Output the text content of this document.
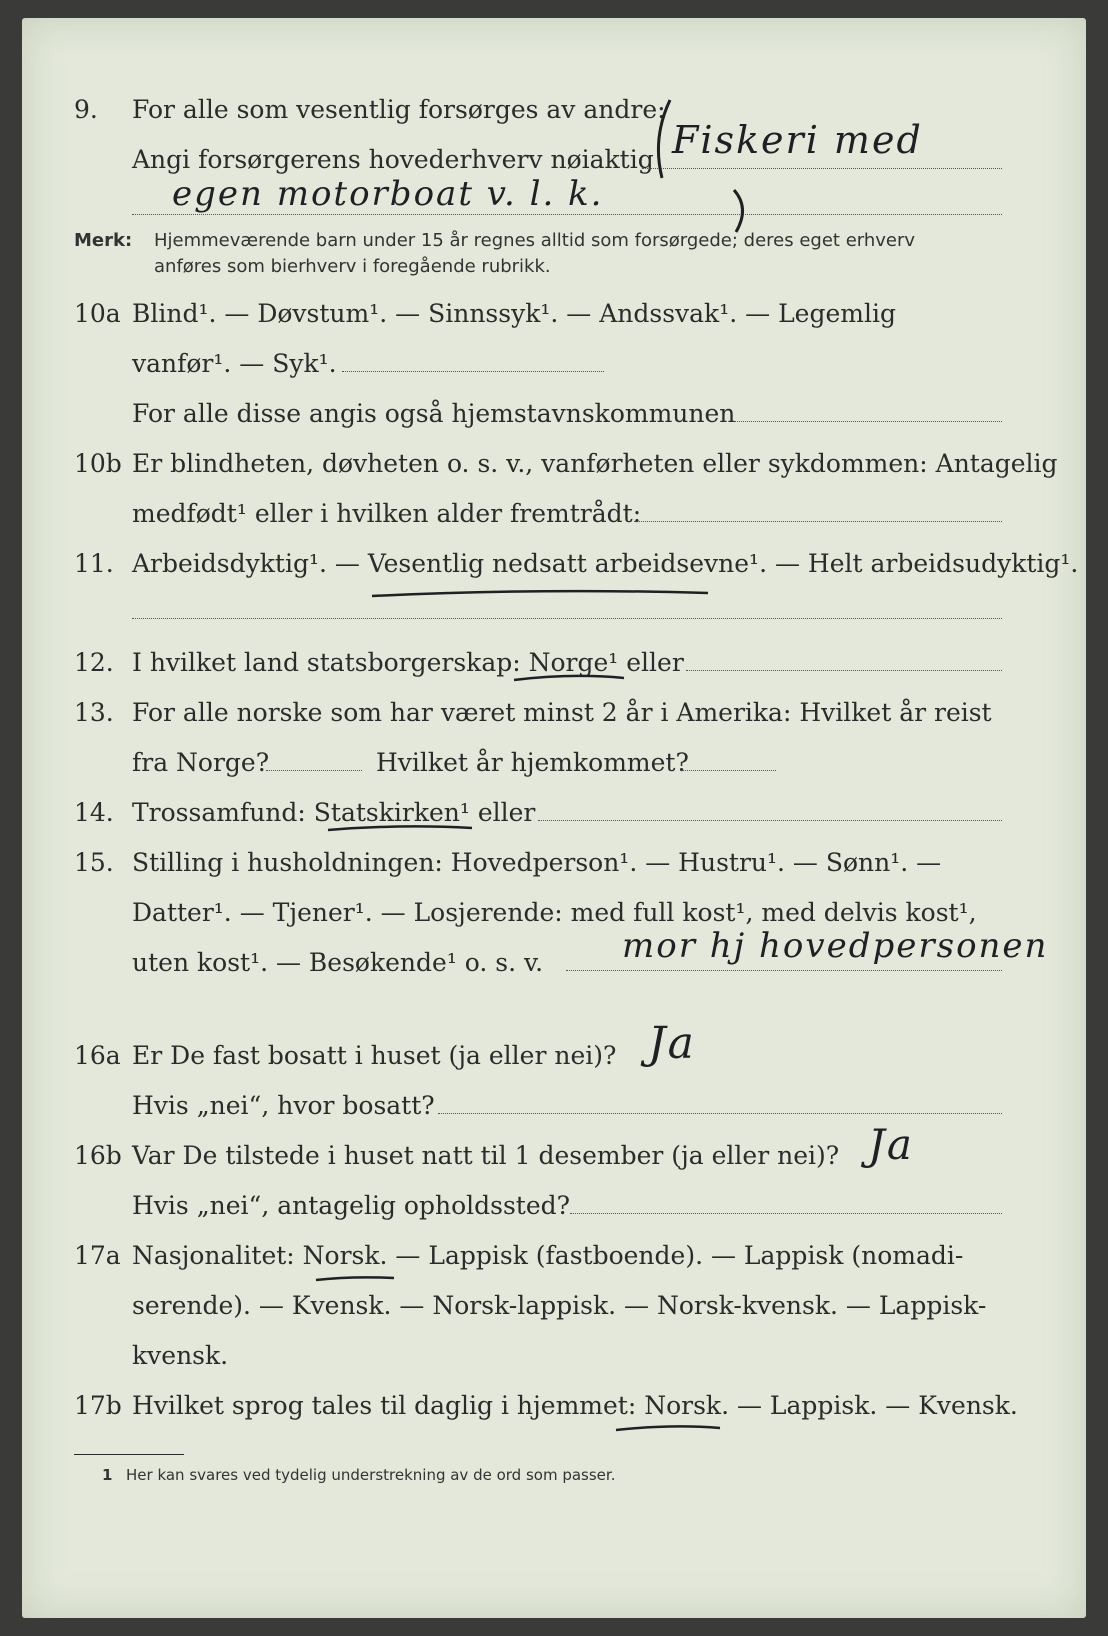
9. For alle som vesentlig forsørges av andre:
Angi forsørgerens hovederhverv nøiaktig Fiskeri med
egen motorboat v. l. k.
Merk: Hjemmeværende barn under 15 år regnes alltid som forsørgede; deres eget erhverv
anføres som bierhverv i foregående rubrikk.
10a Blind¹. — Døvstum¹. — Sinnssyk¹. — Andssvak¹. — Legemlig
vanfør¹. — Syk¹.
For alle disse angis også hjemstavnskommunen
10b Er blindheten, døvheten o. s. v., vanførheten eller sykdommen: Antagelig
medfødt¹ eller i hvilken alder fremtrådt:
11. Arbeidsdyktig¹. — Vesentlig nedsatt arbeidsevne¹. — Helt arbeidsudyktig¹.
12. I hvilket land statsborgerskap: Norge¹ eller
13. For alle norske som har været minst 2 år i Amerika: Hvilket år reist
fra Norge?	Hvilket år hjemkommet?
14. Trossamfund: Statskirken¹ eller
15. Stilling i husholdningen: Hovedperson¹. — Hustru¹. — Sønn¹. —
Datter¹. — Tjener¹. — Losjerende: med full kost¹, med delvis kost¹,
uten kost¹. — Besøkende¹ o. s. v. mor hj hovedpersonen
16a Er De fast bosatt i huset (ja eller nei)? Ja
Hvis „nei“, hvor bosatt?
16b Var De tilstede i huset natt til 1 desember (ja eller nei)? Ja
Hvis „nei“, antagelig opholdssted?
17a Nasjonalitet: Norsk. — Lappisk (fastboende). — Lappisk (nomadi-
serende). — Kvensk. — Norsk-lappisk. — Norsk-kvensk. — Lappisk-
kvensk.
17b Hvilket sprog tales til daglig i hjemmet: Norsk. — Lappisk. — Kvensk.
1 Her kan svares ved tydelig understrekning av de ord som passer.
